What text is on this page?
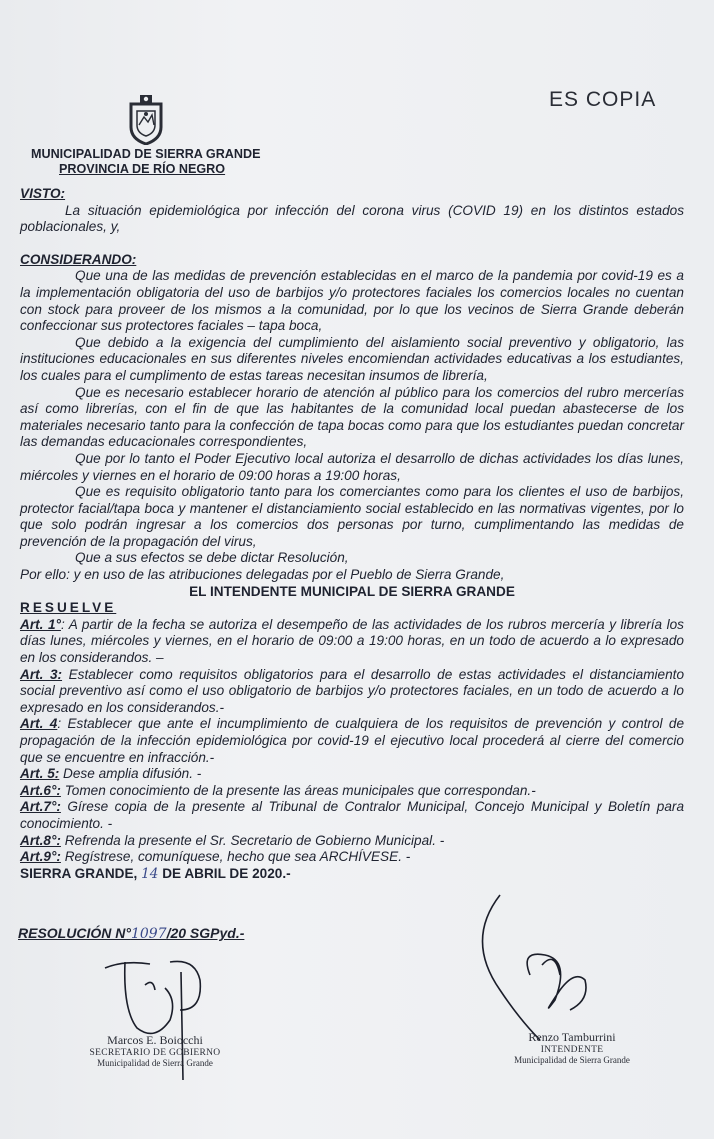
ES COPIA
MUNICIPALIDAD DE SIERRA GRANDE
PROVINCIA DE RÍO NEGRO

VISTO:

La situación epidemiológica por infección del corona virus (COVID 19) en los distintos estados poblacionales, y,

CONSIDERANDO:

Que una de las medidas de prevención establecidas en el marco de la pandemia por covid-19 es a la implementación obligatoria del uso de barbijos y/o protectores faciales los comercios locales no cuentan con stock para proveer de los mismos a la comunidad, por lo que los vecinos de Sierra Grande deberán confeccionar sus protectores faciales – tapa boca,

Que debido a la exigencia del cumplimiento del aislamiento social preventivo y obligatorio, las instituciones educacionales en sus diferentes niveles encomiendan actividades educativas a los estudiantes, los cuales para el cumplimento de estas tareas necesitan insumos de librería,

Que es necesario establecer horario de atención al público para los comercios del rubro mercerías así como librerías, con el fin de que las habitantes de la comunidad local puedan abastecerse de los materiales necesario tanto para la confección de tapa bocas como para que los estudiantes puedan concretar las demandas educacionales correspondientes,

Que por lo tanto el Poder Ejecutivo local autoriza el desarrollo de dichas actividades los días lunes, miércoles y viernes en el horario de 09:00 horas a 19:00 horas,

Que es requisito obligatorio tanto para los comerciantes como para los clientes el uso de barbijos, protector facial/tapa boca y mantener el distanciamiento social establecido en las normativas vigentes, por lo que solo podrán ingresar a los comercios dos personas por turno, cumplimentando las medidas de prevención de la propagación del virus,

Que a sus efectos se debe dictar Resolución,

Por ello: y en uso de las atribuciones delegadas por el Pueblo de Sierra Grande,

EL INTENDENTE MUNICIPAL DE SIERRA GRANDE

RESUELVE

Art. 1°: A partir de la fecha se autoriza el desempeño de las actividades de los rubros mercería y librería los días lunes, miércoles y viernes, en el horario de 09:00 a 19:00 horas, en un todo de acuerdo a lo expresado en los considerandos. –

Art. 3: Establecer como requisitos obligatorios para el desarrollo de estas actividades el distanciamiento social preventivo así como el uso obligatorio de barbijos y/o protectores faciales, en un todo de acuerdo a lo expresado en los considerandos.-

Art. 4: Establecer que ante el incumplimiento de cualquiera de los requisitos de prevención y control de propagación de la infección epidemiológica por covid-19 el ejecutivo local procederá al cierre del comercio que se encuentre en infracción.-

Art. 5: Dese amplia difusión. -

Art.6°: Tomen conocimiento de la presente las áreas municipales que correspondan.-

Art.7°: Gírese copia de la presente al Tribunal de Contralor Municipal, Concejo Municipal y Boletín para conocimiento. -

Art.8°: Refrenda la presente el Sr. Secretario de Gobierno Municipal. -

Art.9°: Regístrese, comuníquese, hecho que sea ARCHÍVESE. -

SIERRA GRANDE, 14 DE ABRIL DE 2020.-

RESOLUCIÓN N°1097/20 SGPyd.-
Marcos E. Boiocchi
SECRETARIO DE GOBIERNO
Municipalidad de Sierra Grande
Renzo Tamburrini
INTENDENTE
Municipalidad de Sierra Grande
